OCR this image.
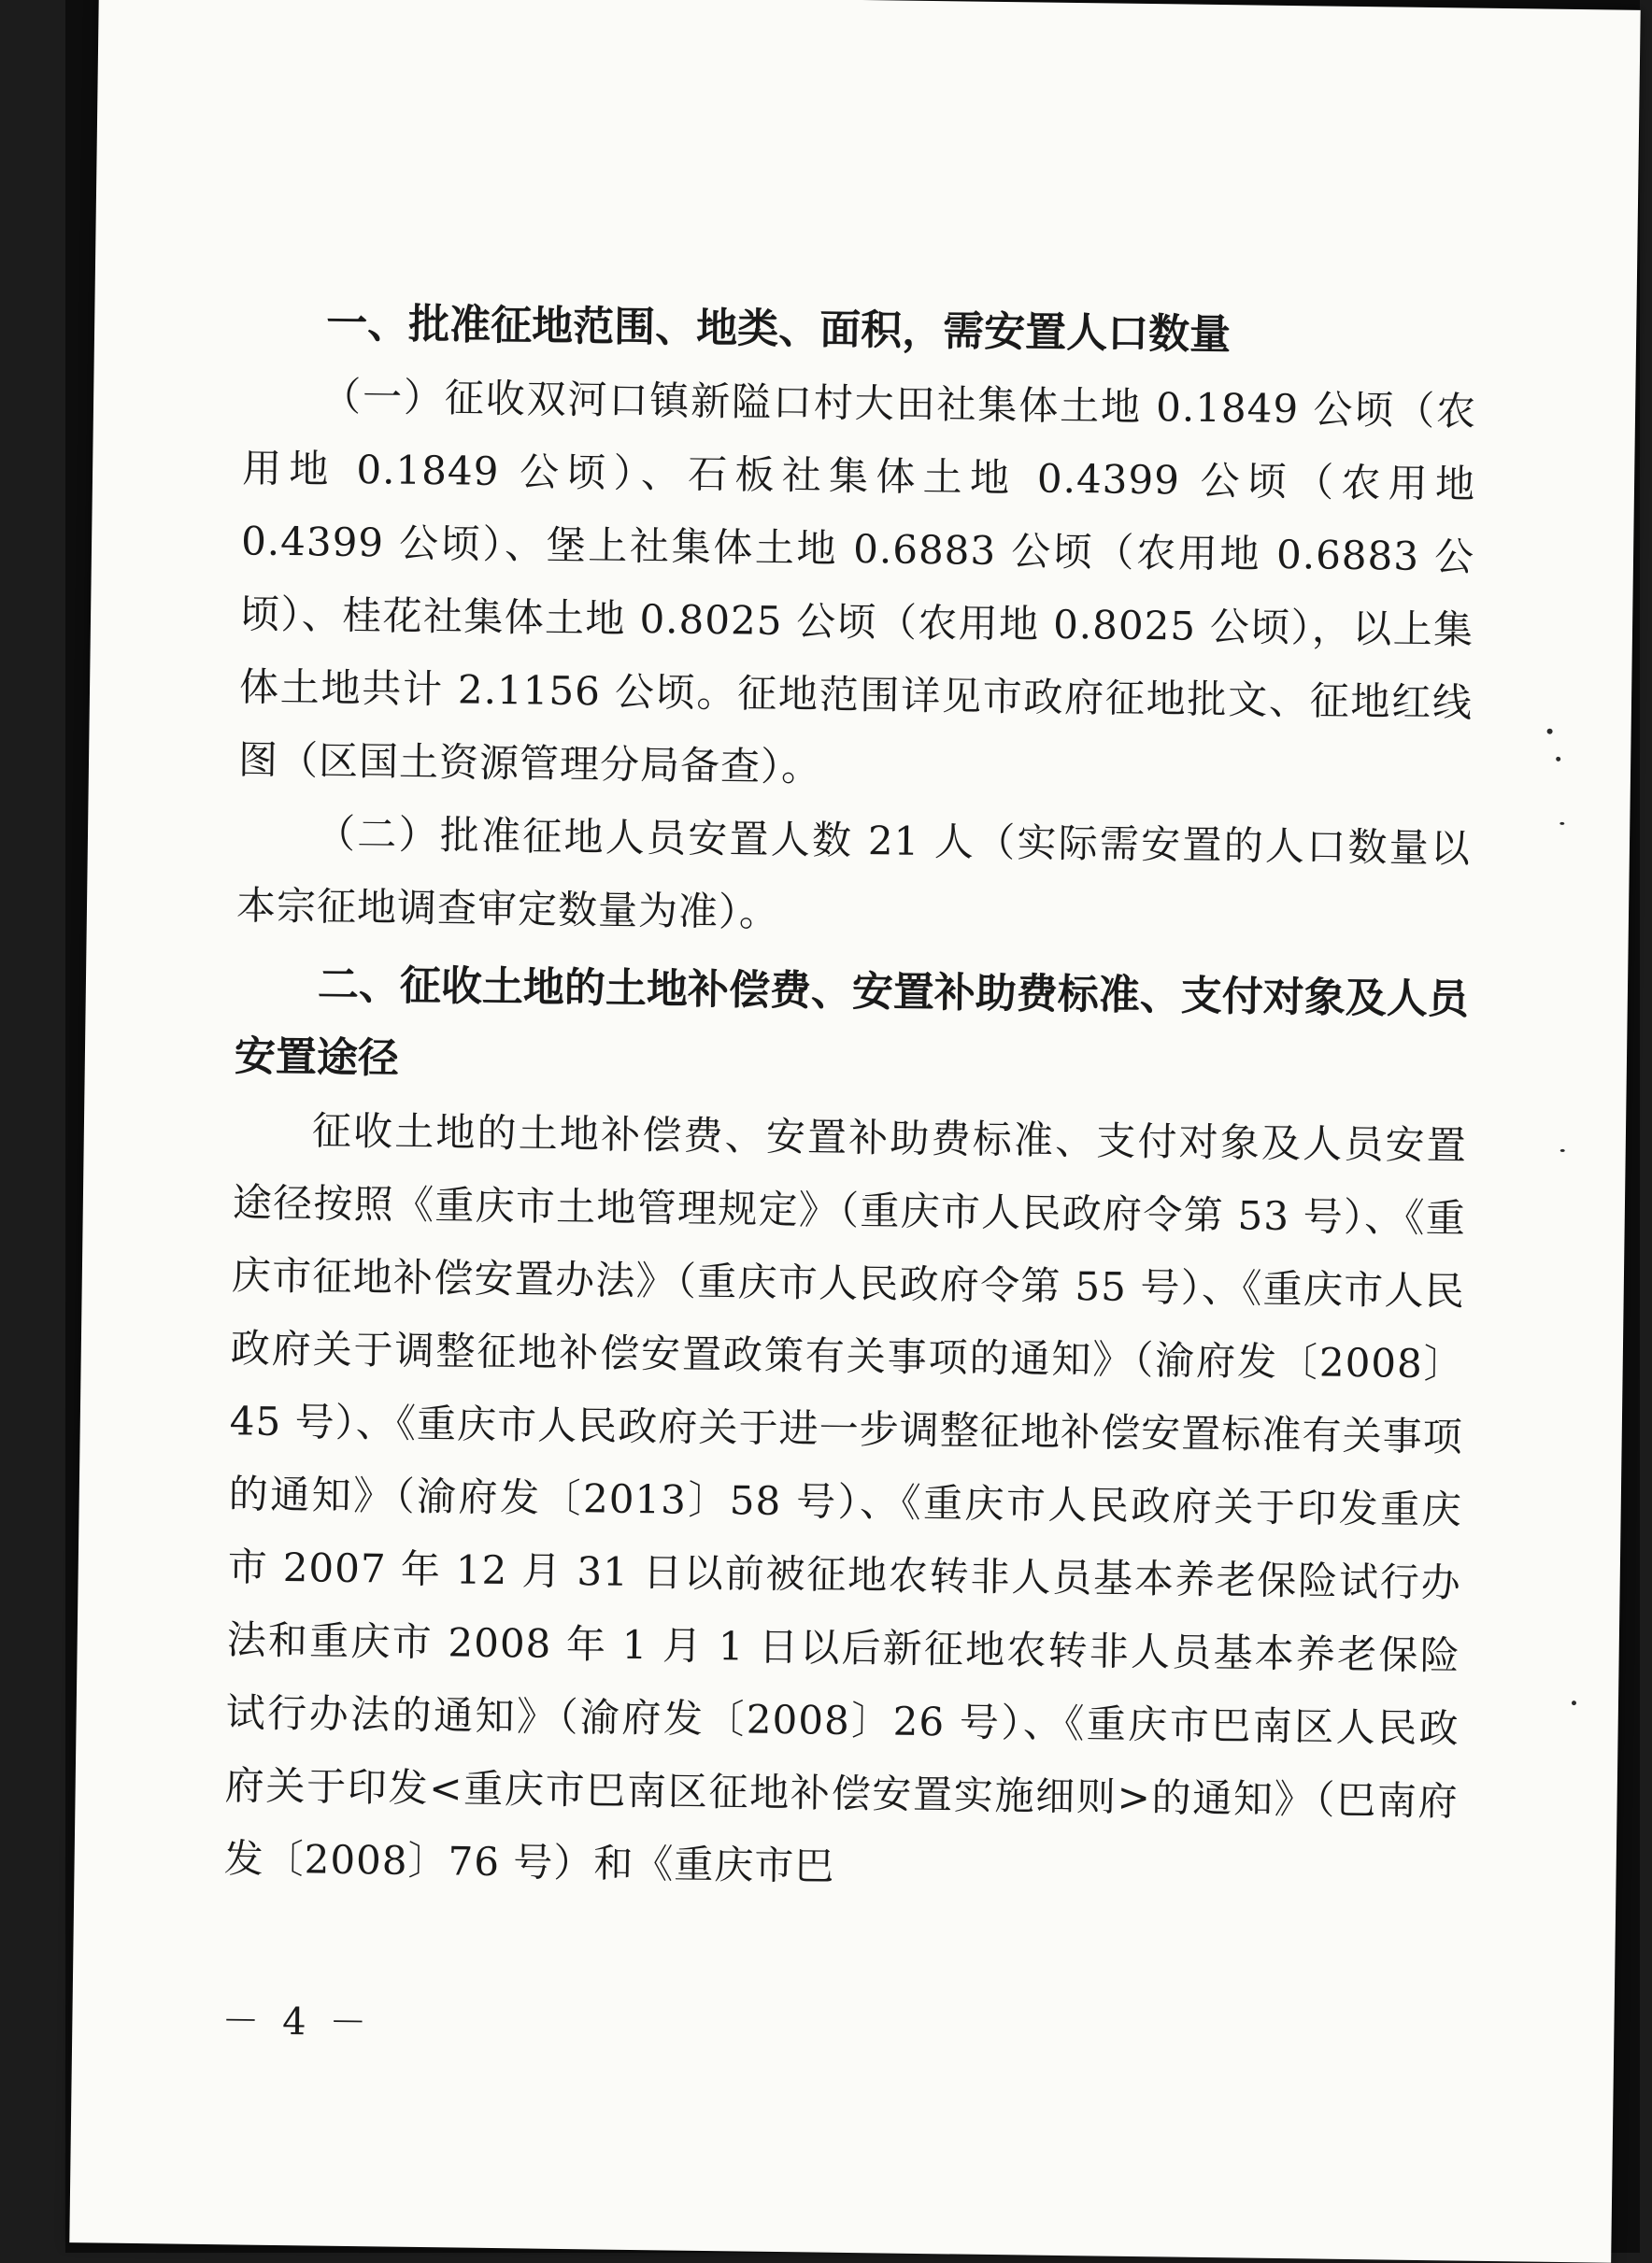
一、批准征地范围、地类、面积，需安置人口数量

（一）征收双河口镇新隘口村大田社集体土地 0.1849 公顷（农用地 0.1849 公顷）、石板社集体土地 0.4399 公顷（农用地 0.4399 公顷）、堡上社集体土地 0.6883 公顷（农用地 0.6883 公顷）、桂花社集体土地 0.8025 公顷（农用地 0.8025 公顷），以上集体土地共计 2.1156 公顷。征地范围详见市政府征地批文、征地红线图（区国土资源管理分局备查）。

（二）批准征地人员安置人数 21 人（实际需安置的人口数量以本宗征地调查审定数量为准）。

二、征收土地的土地补偿费、安置补助费标准、支付对象及人员安置途径

征收土地的土地补偿费、安置补助费标准、支付对象及人员安置途径按照《重庆市土地管理规定》（重庆市人民政府令第 53 号）、《重庆市征地补偿安置办法》（重庆市人民政府令第 55 号）、《重庆市人民政府关于调整征地补偿安置政策有关事项的通知》（渝府发〔2008〕45 号）、《重庆市人民政府关于进一步调整征地补偿安置标准有关事项的通知》（渝府发〔2013〕58 号）、《重庆市人民政府关于印发重庆市 2007 年 12 月 31 日以前被征地农转非人员基本养老保险试行办法和重庆市 2008 年 1 月 1 日以后新征地农转非人员基本养老保险试行办法的通知》（渝府发〔2008〕26 号）、《重庆市巴南区人民政府关于印发<重庆市巴南区征地补偿安置实施细则>的通知》（巴南府发〔2008〕76 号）和《重庆市巴

－ 4 －
